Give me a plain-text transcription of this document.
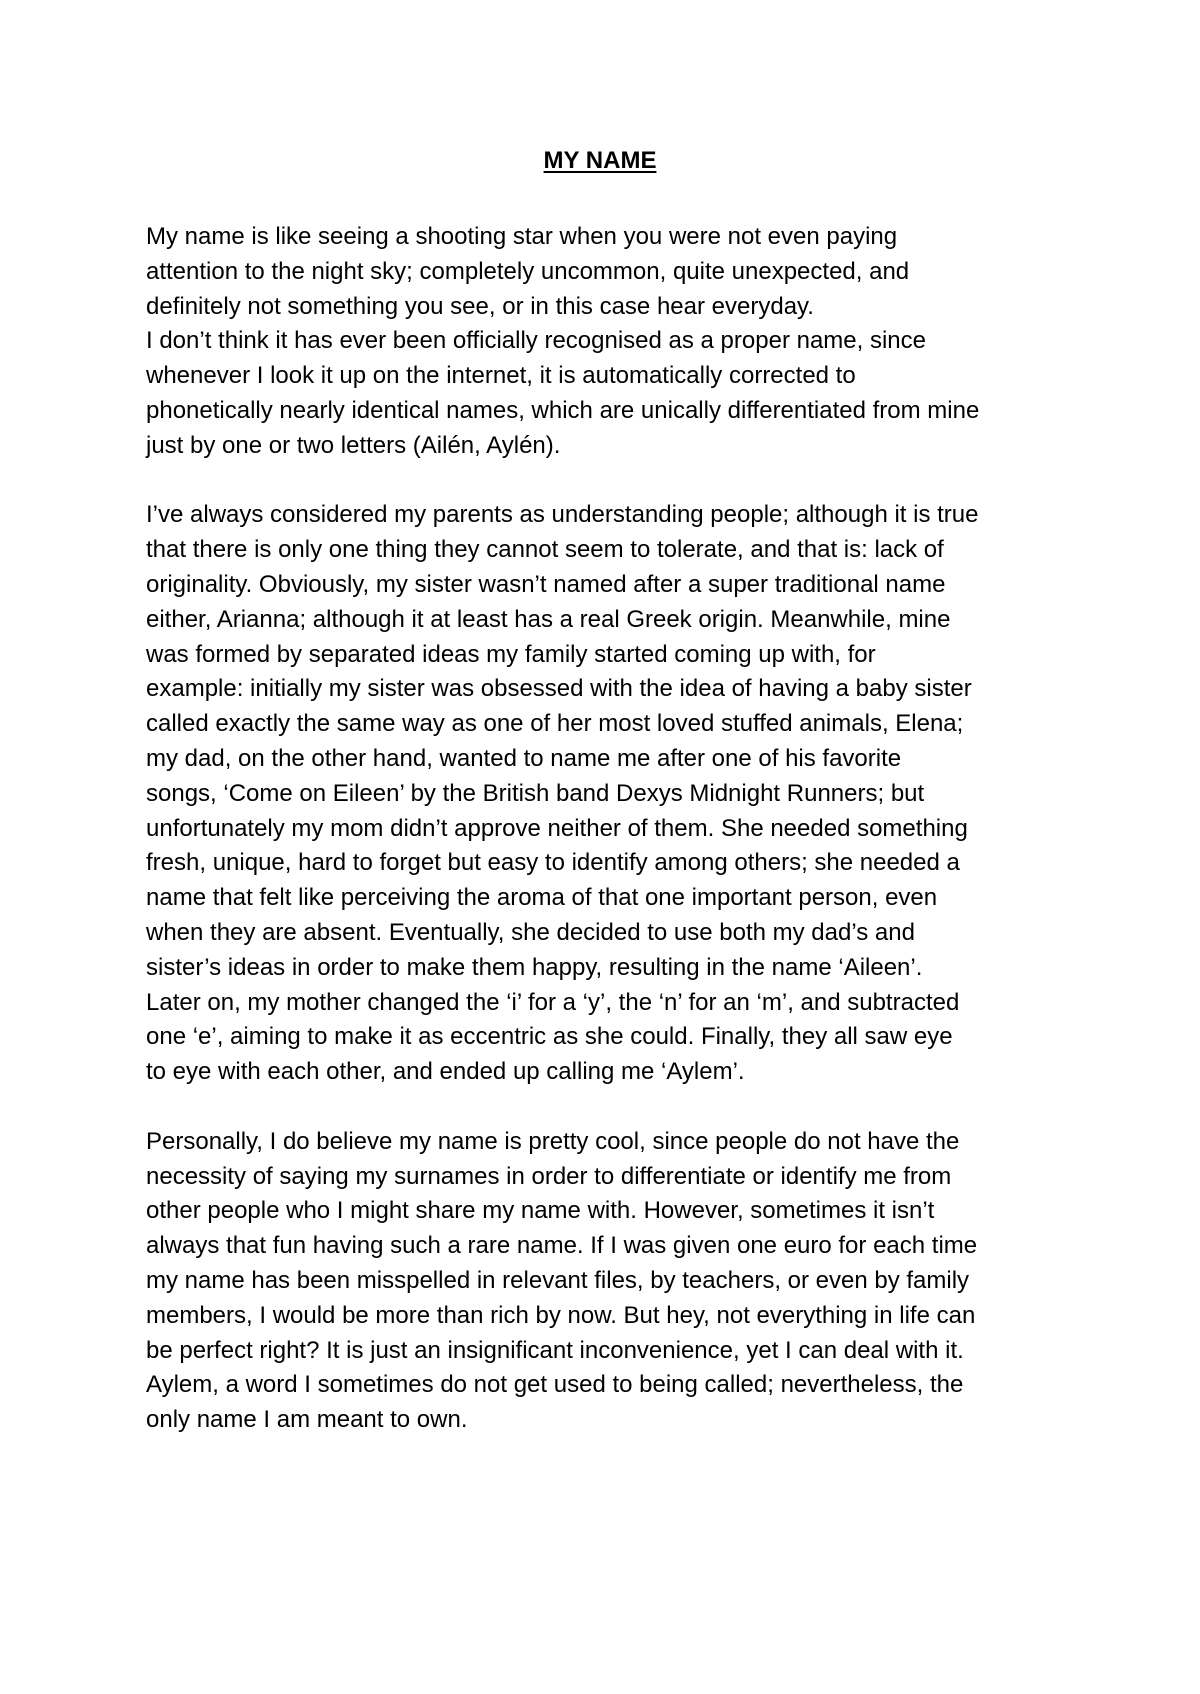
MY NAME

My name is like seeing a shooting star when you were not even paying
attention to the night sky; completely uncommon, quite unexpected, and
definitely not something you see, or in this case hear everyday.
I don’t think it has ever been officially recognised as a proper name, since
whenever I look it up on the internet, it is automatically corrected to
phonetically nearly identical names, which are unically differentiated from mine
just by one or two letters (Ailén, Aylén).

I’ve always considered my parents as understanding people; although it is true
that there is only one thing they cannot seem to tolerate, and that is: lack of
originality. Obviously, my sister wasn’t named after a super traditional name
either, Arianna; although it at least has a real Greek origin. Meanwhile, mine
was formed by separated ideas my family started coming up with, for
example: initially my sister was obsessed with the idea of having a baby sister
called exactly the same way as one of her most loved stuffed animals, Elena;
my dad, on the other hand, wanted to name me after one of his favorite
songs, ‘Come on Eileen’ by the British band Dexys Midnight Runners; but
unfortunately my mom didn’t approve neither of them. She needed something
fresh, unique, hard to forget but easy to identify among others; she needed a
name that felt like perceiving the aroma of that one important person, even
when they are absent. Eventually, she decided to use both my dad’s and
sister’s ideas in order to make them happy, resulting in the name ‘Aileen’.
Later on, my mother changed the ‘i’ for a ‘y’, the ‘n’ for an ‘m’, and subtracted
one ‘e’, aiming to make it as eccentric as she could. Finally, they all saw eye
to eye with each other, and ended up calling me ‘Aylem’.

Personally, I do believe my name is pretty cool, since people do not have the
necessity of saying my surnames in order to differentiate or identify me from
other people who I might share my name with. However, sometimes it isn’t
always that fun having such a rare name. If I was given one euro for each time
my name has been misspelled in relevant files, by teachers, or even by family
members, I would be more than rich by now. But hey, not everything in life can
be perfect right? It is just an insignificant inconvenience, yet I can deal with it.
Aylem, a word I sometimes do not get used to being called; nevertheless, the
only name I am meant to own.
